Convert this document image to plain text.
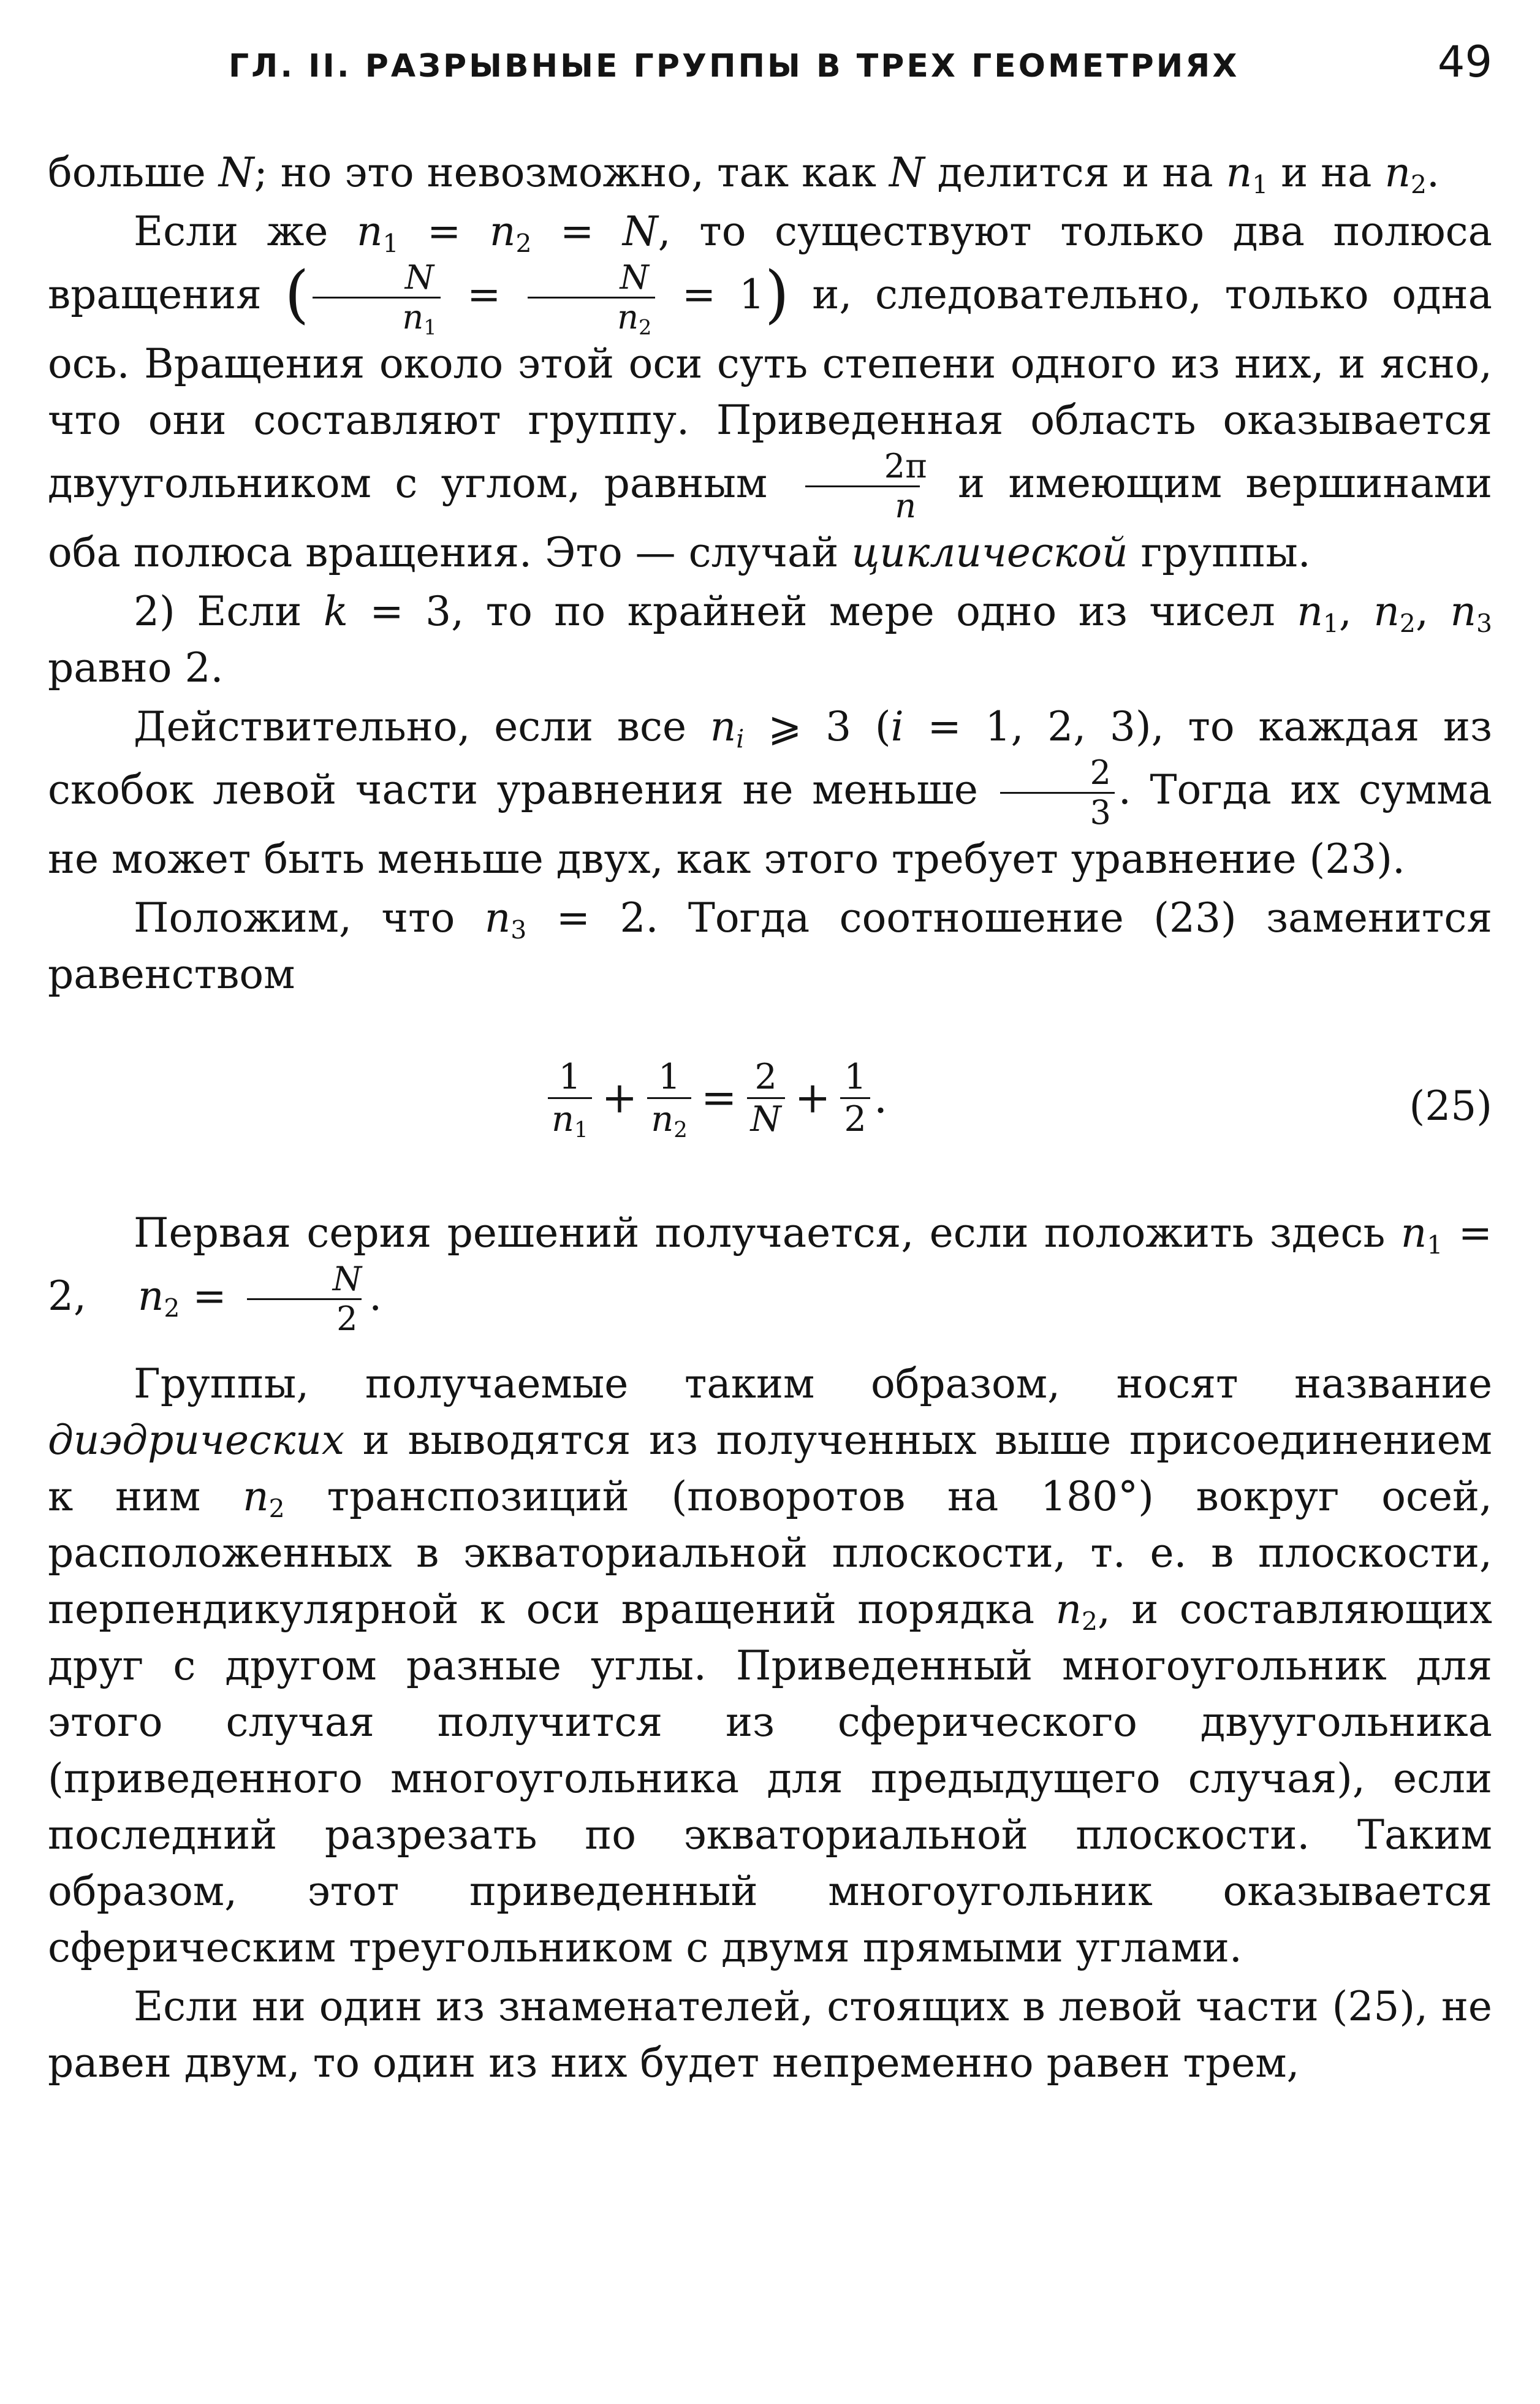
ГЛ. II. РАЗРЫВНЫЕ ГРУППЫ В ТРЕХ ГЕОМЕТРИЯХ	49

больше N; но это невозможно, так как N делится и на $n_1$ и на $n_2$.

Если же $n_1 = n_2 = N$, то существуют только два полюса вращения ( $\frac{N}{n_1} = \frac{N}{n_2} = 1$) и, следовательно, только одна ось. Вращения около этой оси суть степени одного из них, и ясно, что они составляют группу. Приведенная область оказывается двуугольником с углом, равным $\frac{2\pi}{n}$ и имеющим вершинами оба полюса вращения. Это — случай циклической группы.

2) Если k = 3, то по крайней мере одно из чисел $n_1$, $n_2$, $n_3$ равно 2.

Действительно, если все $n_i$ ⩾ 3 (i = 1, 2, 3), то каждая из скобок левой части уравнения не меньше $\frac{2}{3}$ . Тогда их сумма не может быть меньше двух, как этого требует уравнение (23).

Положим, что $n_3 = 2$. Тогда соотношение (23) заменится равенством

$\frac{1}{n_1} + \frac{1}{n_2} = \frac{2}{N} + \frac{1}{2}$ .	(25)

Первая серия решений получается, если положить здесь $n_1 = 2$,    $n_2 = \frac{N}{2}$ .

Группы, получаемые таким образом, носят название диэдрических и выводятся из полученных выше присоединением к ним $n_2$ транспозиций (поворотов на 180°) вокруг осей, расположенных в экваториальной плоскости, т. е. в плоскости, перпендикулярной к оси вращений порядка $n_2$, и составляющих друг с другом разные углы. Приведенный многоугольник для этого случая получится из сферического двуугольника (приведенного многоугольника для предыдущего случая), если последний разрезать по экваториальной плоскости. Таким образом, этот приведенный многоугольник оказывается сферическим треугольником с двумя прямыми углами.

Если ни один из знаменателей, стоящих в левой части (25), не равен двум, то один из них будет непременно равен трем,
